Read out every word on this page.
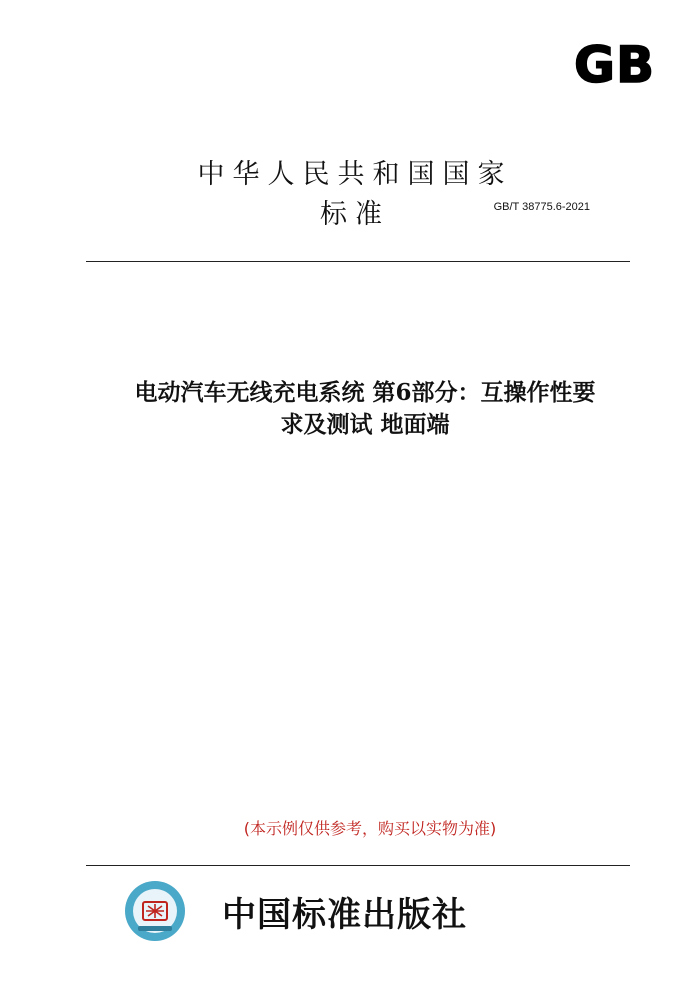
GB
中华人民共和国国家标准	GB/T 38775.6-2021
电动汽车无线充电系统 第6部分：互操作性要
求及测试 地面端
(本示例仅供参考，购买以实物为准)
中国标准出版社
